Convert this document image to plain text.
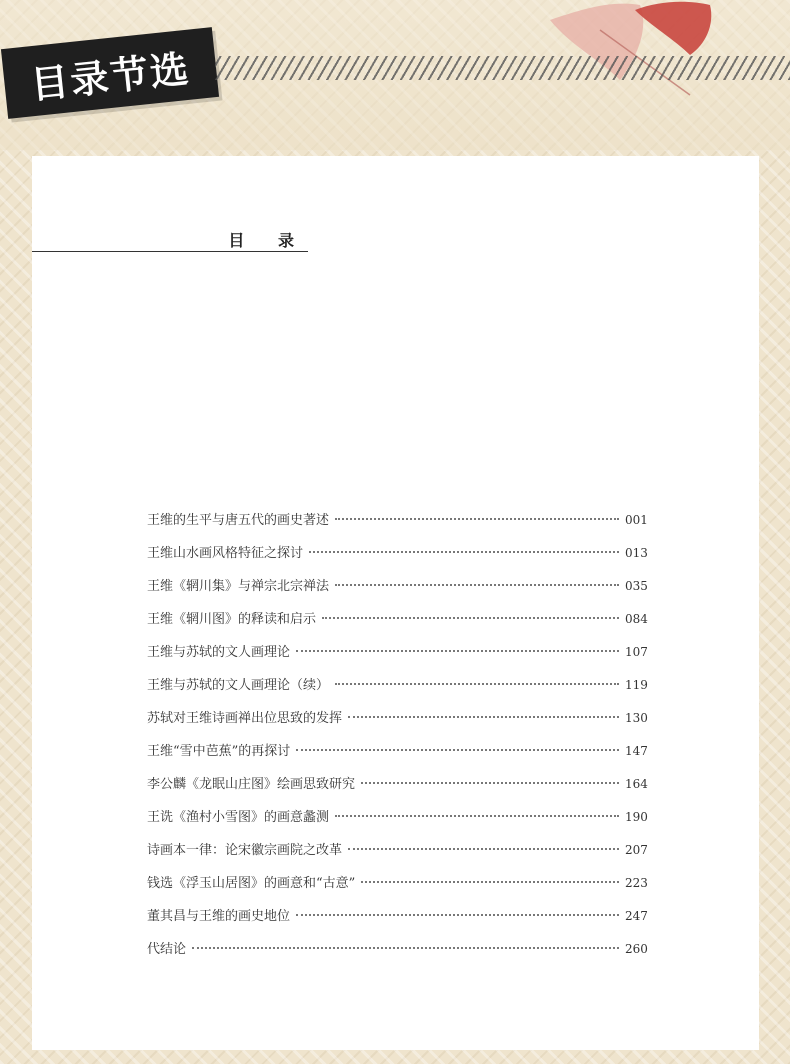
目录节选
目 录
王维的生平与唐五代的画史著述	001
王维山水画风格特征之探讨	013
王维《辋川集》与禅宗北宗禅法	035
王维《辋川图》的释读和启示	084
王维与苏轼的文人画理论	107
王维与苏轼的文人画理论（续）	119
苏轼对王维诗画禅出位思致的发挥	130
王维“雪中芭蕉”的再探讨	147
李公麟《龙眠山庄图》绘画思致研究	164
王诜《渔村小雪图》的画意蠡测	190
诗画本一律：论宋徽宗画院之改革	207
钱选《浮玉山居图》的画意和“古意”	223
董其昌与王维的画史地位	247
代结论	260
